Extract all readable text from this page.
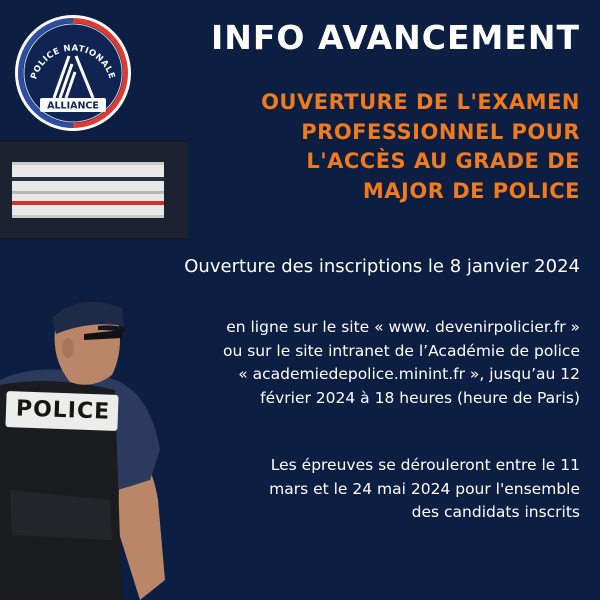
POLICE NATIONALE
ALLIANCE
POLICE
INFO AVANCEMENT
OUVERTURE DE L'EXAMEN
PROFESSIONNEL POUR
L'ACCÈS AU GRADE DE
MAJOR DE POLICE
Ouverture des inscriptions le 8 janvier 2024
en ligne sur le site « www. devenirpolicier.fr »
ou sur le site intranet de l’Académie de police
« academiedepolice.minint.fr », jusqu’au 12
février 2024 à 18 heures (heure de Paris)
Les épreuves se dérouleront entre le 11
mars et le 24 mai 2024 pour l'ensemble
des candidats inscrits
